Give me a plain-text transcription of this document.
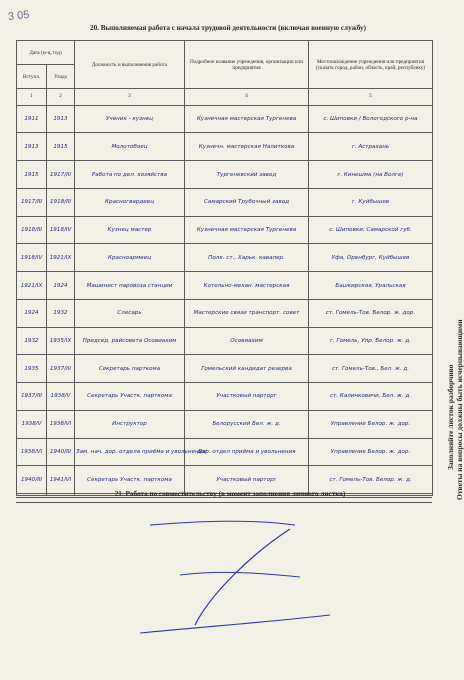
3 05
20. Выполняемая работа с начала трудовой деятельности (включая военную службу)
Дата (м-ц, год)		Должность и выполняемая работа	Подробное название учреждения, организации или предприятия	Местонахождение учреждения или предприятия (указать город, район, область, край, республику)
Вступл.	Ухода			
1	2	3	4	5
1911	1913	Ученик - кузнец	Кузнечная мастерская Тургенева	с. Шиповки / Вологодского р-на
1913	1915	Молотобоец	Кузнечн. мастерская Налиткова	г. Астрахань
1915	1917/III	Работа по дел. хозяйства	Тургеневский завод	г. Кинешма (на Волге)
1917/III	1918/III	Красногвардеец	Самарский Трубочный завод	г. Куйбышев
1918/III	1918/IV	Кузнец мастер	Кузнечная мастерская Тургенева	с. Шиповки, Самарской губ.
1918/IV	1921/IX	Красноармеец	Полк. ст., Харьк. кавалер.	Уфа, Оренбург, Куйбышев
1921/IX	1924	Машинист паровоза станции	Котельно-механ. мастерская	Башкирская, Уральская
1924	1932	Слесарь	Мастерские связи транспорт. совет	ст. Гомель-Тов. Белор. ж. дор.
1932	1935/IX	Председ. райсовета Осовиахим	Осовиахим	г. Гомель, Упр. Белор. ж. д.
1935	1937/III	Секретарь парткома	Гомельский кандидат резерва	ст. Гомель-Тов., Бел. ж. д.
1937/III	1938/V	Секретарь Участк. парткома	Участковый парторг	ст. Калинковичи, Бел. ж. д.
1938/V	1938/VI	Инструктор	Белорусский Бел. ж. д.	Управление Белор. ж. дор.
1938/VI	1940/III	Зам. нач. дор. отдела приёма и увольнения	Дор. отдел приёма и увольнения	Управление Белор. ж. дор.
1940/III	1941/VI	Секретарь Участк. парткома	Участковый парторг	ст. Гомель-Тов. Белор. ж. д.

21. Работа по совместительству (в момент заполнения личного листка)
Заполняйте листок разборчиво Ответы на вопросы должны быть исчерпывающими
